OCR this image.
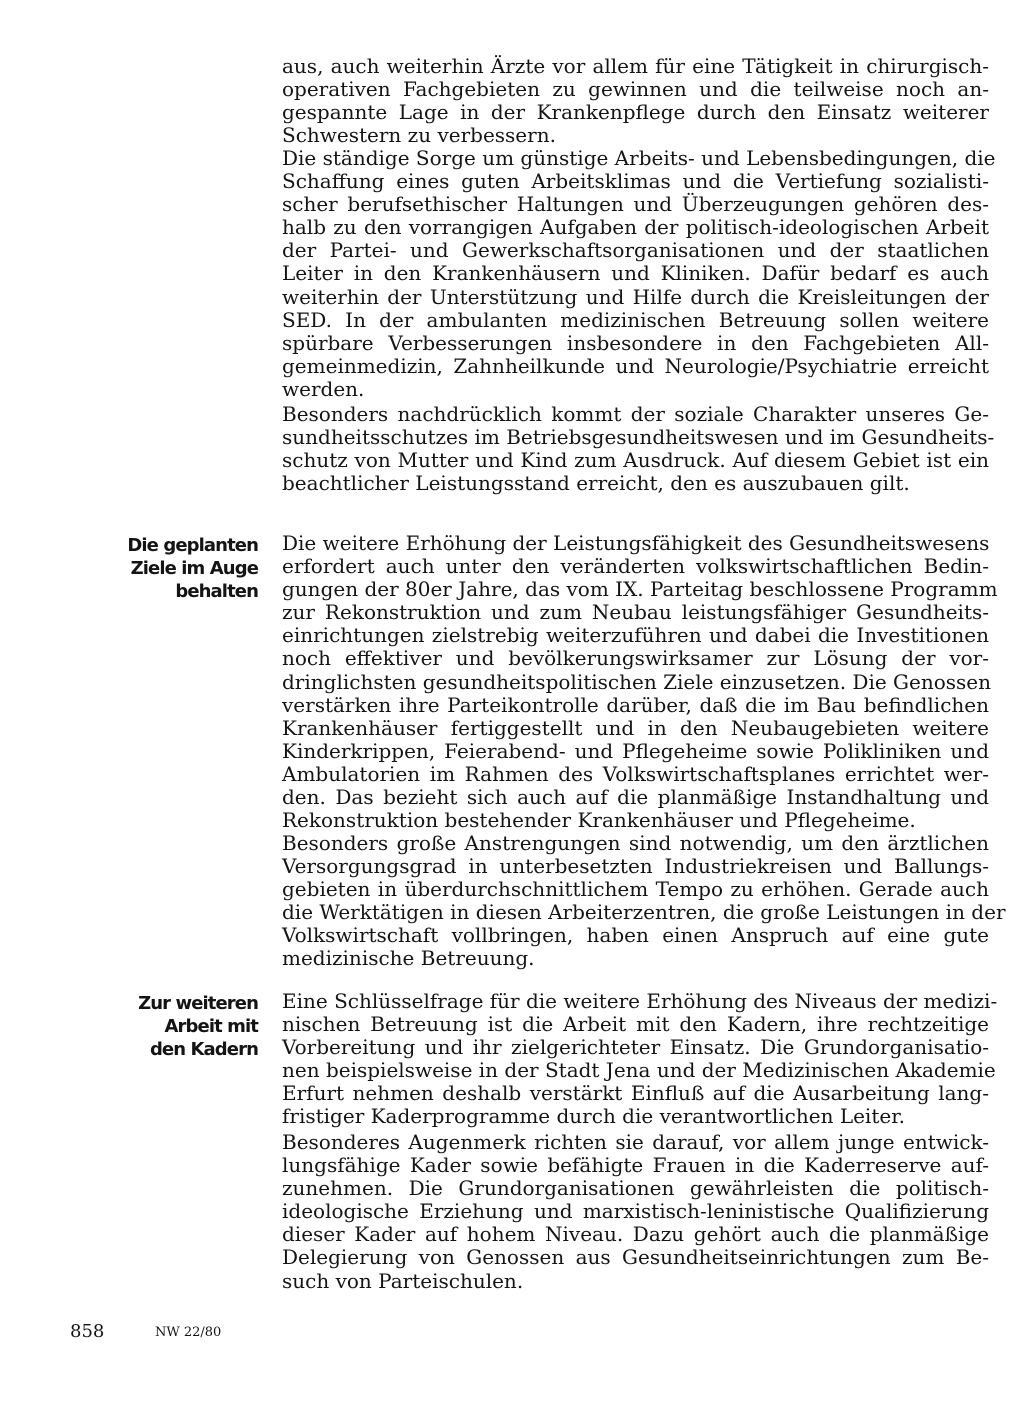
aus, auch weiterhin Ärzte vor allem für eine Tätigkeit in chirurgisch-
operativen Fachgebieten zu gewinnen und die teilweise noch an-
gespannte Lage in der Krankenpflege durch den Einsatz weiterer
Schwestern zu verbessern.
Die ständige Sorge um günstige Arbeits- und Lebensbedingungen, die
Schaffung eines guten Arbeitsklimas und die Vertiefung sozialisti-
scher berufsethischer Haltungen und Überzeugungen gehören des-
halb zu den vorrangigen Aufgaben der politisch-ideologischen Arbeit
der Partei- und Gewerkschaftsorganisationen und der staatlichen
Leiter in den Krankenhäusern und Kliniken. Dafür bedarf es auch
weiterhin der Unterstützung und Hilfe durch die Kreisleitungen der
SED. In der ambulanten medizinischen Betreuung sollen weitere
spürbare Verbesserungen insbesondere in den Fachgebieten All-
gemeinmedizin, Zahnheilkunde und Neurologie/Psychiatrie erreicht
werden.
Besonders nachdrücklich kommt der soziale Charakter unseres Ge-
sundheitsschutzes im Betriebsgesundheitswesen und im Gesundheits-
schutz von Mutter und Kind zum Ausdruck. Auf diesem Gebiet ist ein
beachtlicher Leistungsstand erreicht, den es auszubauen gilt.
Die geplanten
Ziele im Auge
behalten
Die weitere Erhöhung der Leistungsfähigkeit des Gesundheitswesens
erfordert auch unter den veränderten volkswirtschaftlichen Bedin-
gungen der 80er Jahre, das vom IX. Parteitag beschlossene Programm
zur Rekonstruktion und zum Neubau leistungsfähiger Gesundheits-
einrichtungen zielstrebig weiterzuführen und dabei die Investitionen
noch effektiver und bevölkerungswirksamer zur Lösung der vor-
dringlichsten gesundheitspolitischen Ziele einzusetzen. Die Genossen
verstärken ihre Parteikontrolle darüber, daß die im Bau befindlichen
Krankenhäuser fertiggestellt und in den Neubaugebieten weitere
Kinderkrippen, Feierabend- und Pflegeheime sowie Polikliniken und
Ambulatorien im Rahmen des Volkswirtschaftsplanes errichtet wer-
den. Das bezieht sich auch auf die planmäßige Instandhaltung und
Rekonstruktion bestehender Krankenhäuser und Pflegeheime.
Besonders große Anstrengungen sind notwendig, um den ärztlichen
Versorgungsgrad in unterbesetzten Industriekreisen und Ballungs-
gebieten in überdurchschnittlichem Tempo zu erhöhen. Gerade auch
die Werktätigen in diesen Arbeiterzentren, die große Leistungen in der
Volkswirtschaft vollbringen, haben einen Anspruch auf eine gute
medizinische Betreuung.
Zur weiteren
Arbeit mit
den Kadern
Eine Schlüsselfrage für die weitere Erhöhung des Niveaus der medizi-
nischen Betreuung ist die Arbeit mit den Kadern, ihre rechtzeitige
Vorbereitung und ihr zielgerichteter Einsatz. Die Grundorganisatio-
nen beispielsweise in der Stadt Jena und der Medizinischen Akademie
Erfurt nehmen deshalb verstärkt Einfluß auf die Ausarbeitung lang-
fristiger Kaderprogramme durch die verantwortlichen Leiter.
Besonderes Augenmerk richten sie darauf, vor allem junge entwick-
lungsfähige Kader sowie befähigte Frauen in die Kaderreserve auf-
zunehmen. Die Grundorganisationen gewährleisten die politisch-
ideologische Erziehung und marxistisch-leninistische Qualifizierung
dieser Kader auf hohem Niveau. Dazu gehört auch die planmäßige
Delegierung von Genossen aus Gesundheitseinrichtungen zum Be-
such von Parteischulen.
858	NW 22/80
